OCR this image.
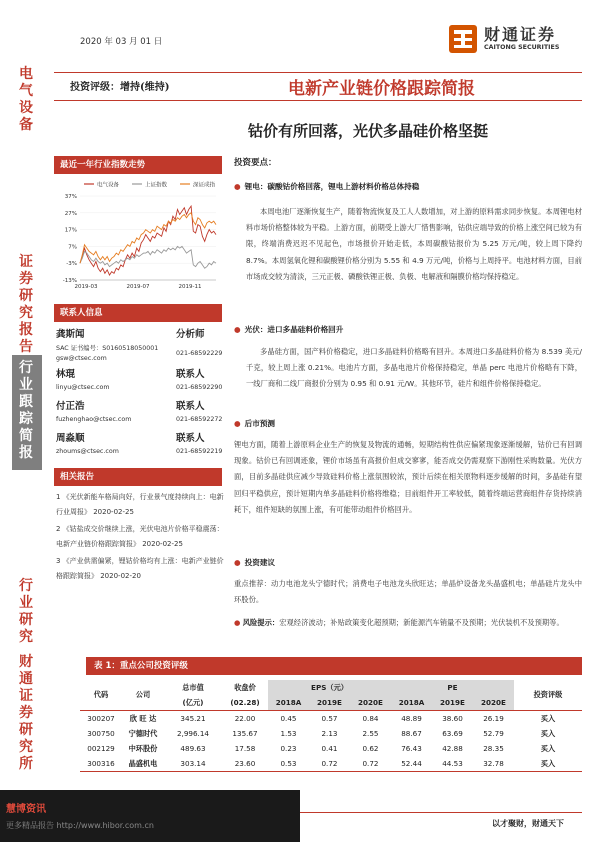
2020 年 03 月 01 日	财通证券
CAITONG SECURITIES
电气设备
证券研究报告
行业跟踪简报
行业研究
财通证券研究所
投资评级：增持(维持)	电新产业链价格跟踪简报
钴价有所回落，光伏多晶硅价格坚挺
最近一年行业指数走势
电气设备	上证指数	深证成指
37%
27%
17%
7%
-3%
-13%
2019-03	2019-07	2019-11
联系人信息
龚斯闻	分析师
SAC 证书编号：S0160518050001
gsw@ctsec.com
021-68592229
林琨	联系人
linyu@ctsec.com	021-68592290
付正浩	联系人
fuzhenghao@ctsec.com	021-68592272
周淼顺	联系人
zhoums@ctsec.com	021-68592219
相关报告
1 《光伏新能车格局向好，行业景气度持续向上：电新行业周报》 2020-02-25
2 《钴盐成交价继续上涨，光伏电池片价格平稳震荡：电新产业链价格跟踪简报》 2020-02-25
3 《产业供需偏紧，锂钴价格均有上涨：电新产业链价格跟踪简报》 2020-02-20
投资要点：
● 锂电：碳酸钴价格回落，锂电上游材料价格总体持稳
本周电池厂逐渐恢复生产，随着物流恢复及工人人数增加，对上游的原料需求同步恢复。本周锂电材料市场价格整体较为平稳。上游方面，前期受上游大厂惜售影响，钴供应端导致的价格上涨空间已较为有限，终端消费迟迟不见起色，市场报价开始走低，本周碳酸钴报价为 5.25 万元/吨，较上周下降约 8.7%。本周氢氧化锂和碳酸锂价格分别为 5.55 和 4.9 万元/吨，价格与上周持平。电池材料方面，目前市场成交较为清淡，三元正极、磷酸铁锂正极、负极、电解液和隔膜价格均保持稳定。
● 光伏：进口多晶硅料价格回升
多晶硅方面，国产料价格稳定，进口多晶硅料价格略有回升。本周进口多晶硅料价格为 8.539 美元/千克，较上周上涨 0.21%。电池片方面，多晶电池片价格保持稳定，单晶 perc 电池片价格略有下降，一线厂商和二线厂商报价分别为 0.95 和 0.91 元/W。其他环节，硅片和组件价格保持稳定。
● 后市预测
锂电方面，随着上游原料企业生产的恢复及物流的通畅，短期结构性供应偏紧现象逐渐缓解，钴价已有回调现象。钴价已有回调迹象，锂价市场虽有高报价但成交寥寥，能否成交仍需观察下游刚性采购数量。光伏方面，目前多晶硅供应减少导致硅料价格上涨氛围较浓，预计后续在相关原物料逐步缓解的时间，多晶硅有望回归平稳供应，预计短期内单多晶硅料价格将维稳；目前组件开工率较低，随着终端运营商组件存货持续消耗下，组件短缺的氛围上涨，有可能带动组件价格回升。
● 投资建议
重点推荐：动力电池龙头宁德时代；消费电子电池龙头欣旺达；单晶炉设备龙头晶盛机电；单晶硅片龙头中环股份。
● 风险提示：宏观经济波动；补贴政策变化超预期；新能源汽车销量不及预期；光伏装机不及预期等。
表 1：重点公司投资评级
代码	公司	总市值	收盘价	EPS（元）			PE			投资评级
		(亿元)	(02.28)	2018A	2019E	2020E	2018A	2019E	2020E	
300207	欣 旺 达	345.21	22.00	0.45	0.57	0.84	48.89	38.60	26.19	买入
300750	宁德时代	2,996.14	135.67	1.53	2.13	2.55	88.67	63.69	52.79	买入
002129	中环股份	489.63	17.58	0.23	0.41	0.62	76.43	42.88	28.35	买入
300316	晶盛机电	303.14	23.60	0.53	0.72	0.72	52.44	44.53	32.78	买入
慧博资讯
更多精品报告 http://www.hibor.com.cn	以才聚财，财通天下
